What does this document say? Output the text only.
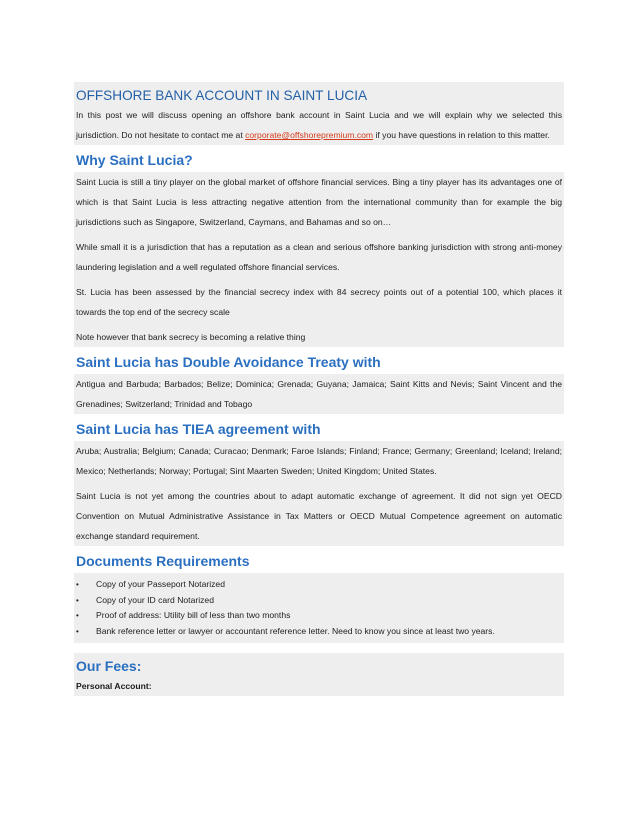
OFFSHORE BANK ACCOUNT IN SAINT LUCIA
In this post we will discuss opening an offshore bank account in Saint Lucia and we will explain why we selected this jurisdiction. Do not hesitate to contact me at corporate@offshorepremium.com if you have questions in relation to this matter.
Why Saint Lucia?
Saint Lucia is still a tiny player on the global market of offshore financial services. Bing a tiny player has its advantages one of which is that Saint Lucia is less attracting negative attention from the international community than for example the big jurisdictions such as Singapore, Switzerland, Caymans, and Bahamas and so on…
While small it is a jurisdiction that has a reputation as a clean and serious offshore banking jurisdiction with strong anti-money laundering legislation and a well regulated offshore financial services.
St. Lucia has been assessed by the financial secrecy index with 84 secrecy points out of a potential 100, which places it towards the top end of the secrecy scale
Note however that bank secrecy is becoming a relative thing
Saint Lucia has Double Avoidance Treaty with
Antigua and Barbuda; Barbados; Belize; Dominica; Grenada; Guyana; Jamaica; Saint Kitts and Nevis; Saint Vincent and the Grenadines; Switzerland; Trinidad and Tobago
Saint Lucia has TIEA agreement with
Aruba; Australia; Belgium; Canada; Curacao; Denmark; Faroe Islands; Finland; France; Germany; Greenland; Iceland; Ireland; Mexico; Netherlands; Norway; Portugal; Sint Maarten Sweden; United Kingdom; United States.
Saint Lucia is not yet among the countries about to adapt automatic exchange of agreement. It did not sign yet OECD Convention on Mutual Administrative Assistance in Tax Matters or OECD Mutual Competence agreement on automatic exchange standard requirement.
Documents Requirements
• Copy of your Passeport Notarized
• Copy of your ID card Notarized
• Proof of address: Utility bill of less than two months
• Bank reference letter or lawyer or accountant reference letter. Need to know you since at least two years.
Our Fees:
Personal Account:
